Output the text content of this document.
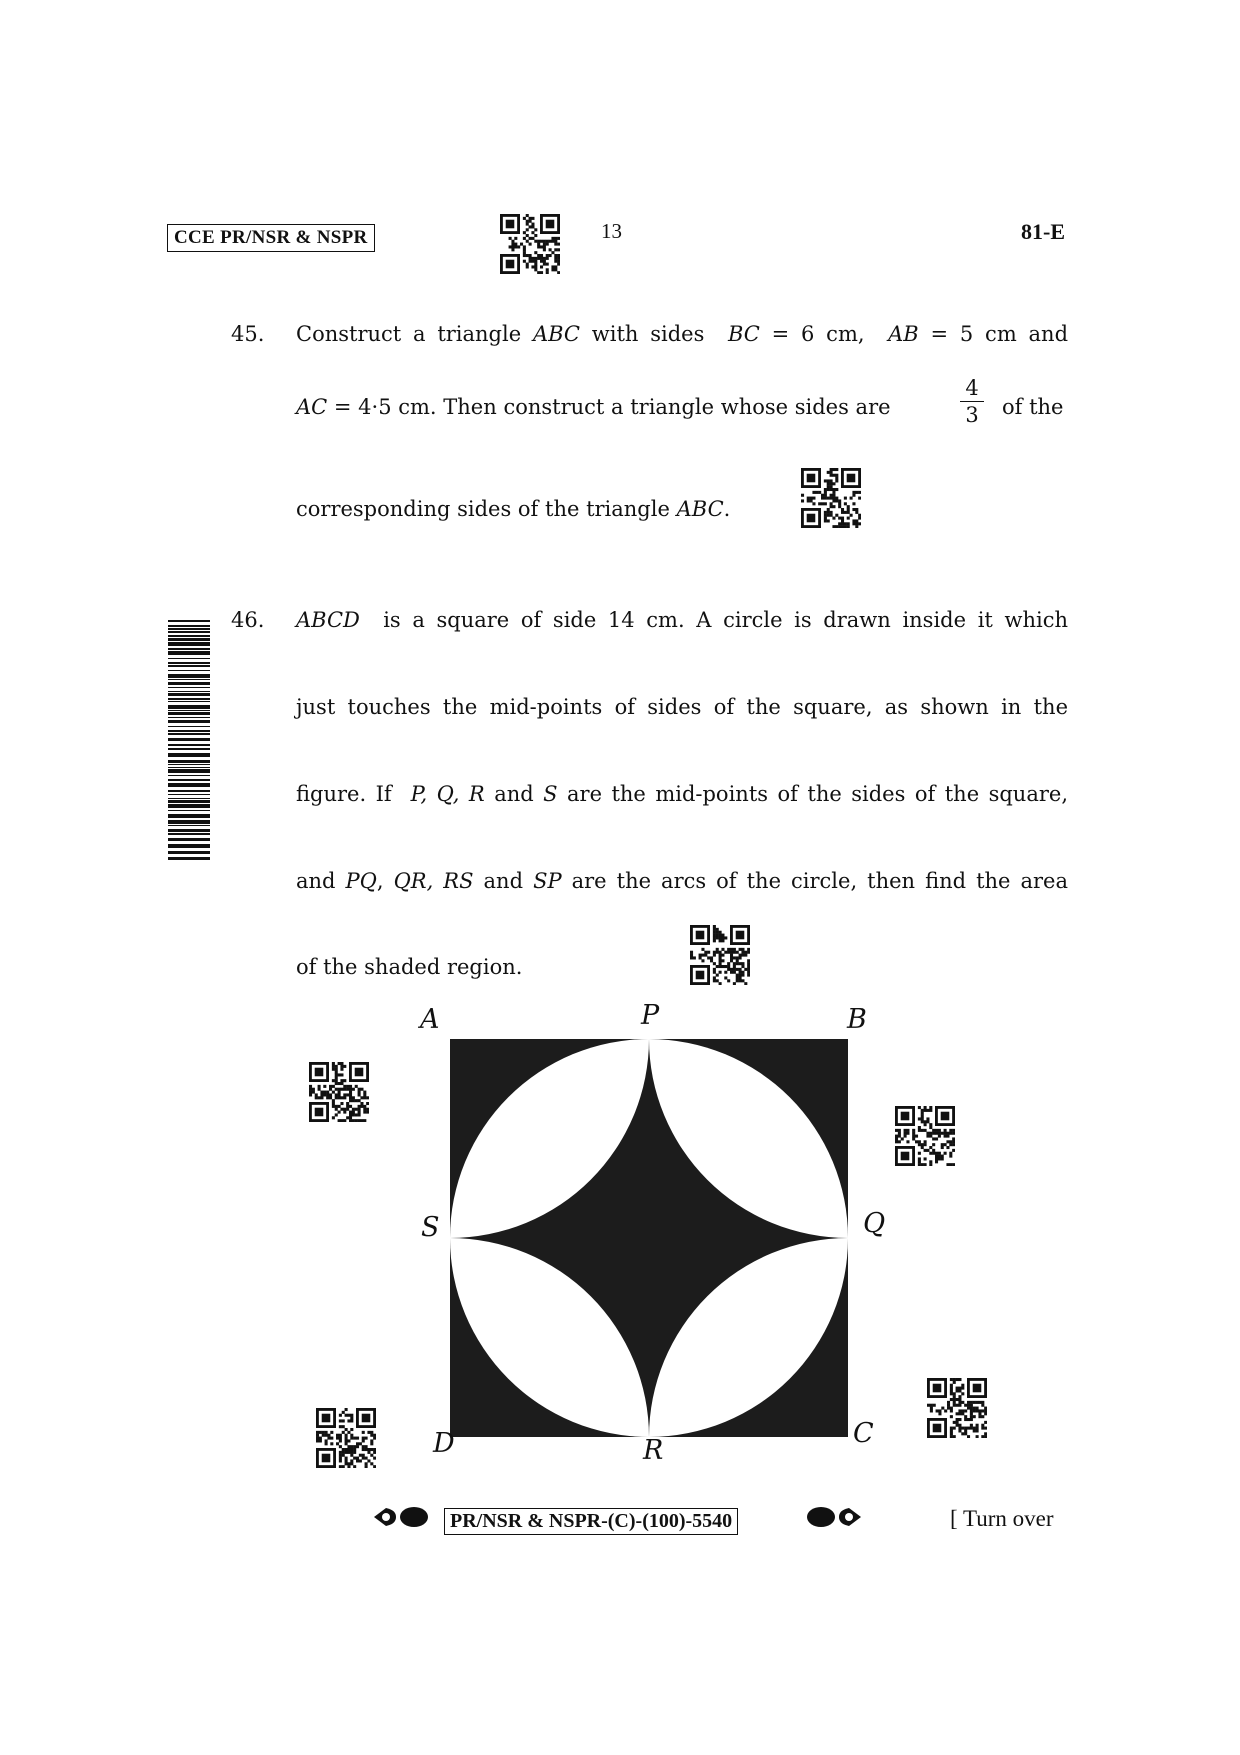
CCE PR/NSR & NSPR	13	81-E
45. Construct a triangle ABC with sides  BC = 6 cm,  AB = 5 cm and
AC = 4·5 cm. Then construct a triangle whose sides are
4
3 of the
corresponding sides of the triangle ABC.
46. ABCD  is a square of side 14 cm. A circle is drawn inside it which
just touches the mid-points of sides of the square, as shown in the
figure. If  P, Q, R and S are the mid-points of the sides of the square,
and PQ, QR, RS and SP are the arcs of the circle, then find the area
of the shaded region.
A	P	B
S	Q
D	R
C
PR/NSR & NSPR-(C)-(100)-5540	[ Turn over
